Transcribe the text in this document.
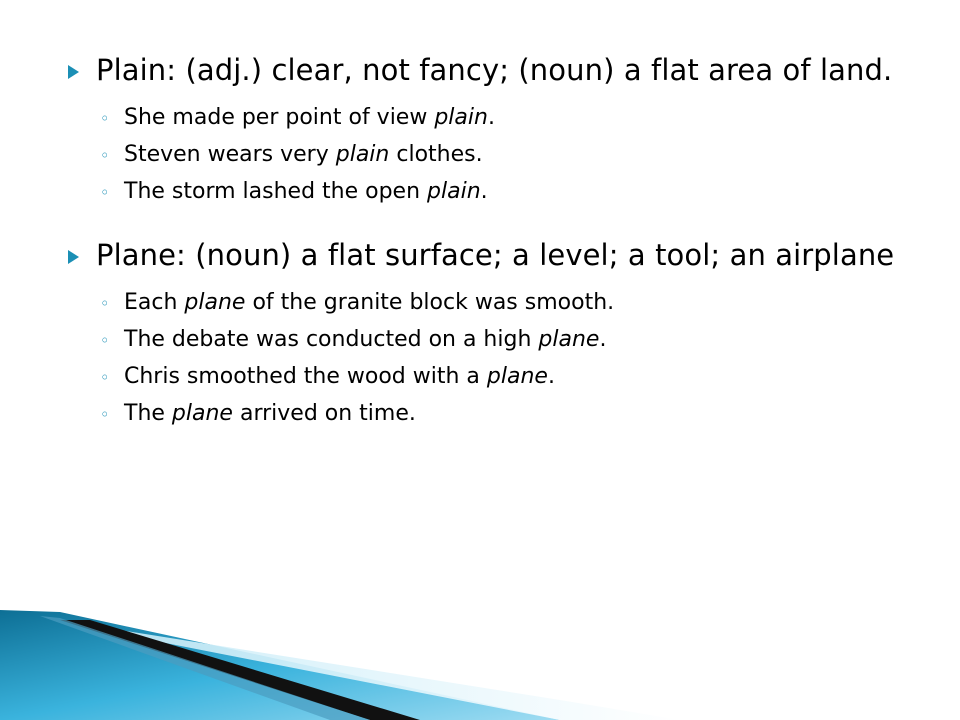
Plain: (adj.) clear, not fancy; (noun) a flat area of land.
◦ She made per point of view plain.
◦ Steven wears very plain clothes.
◦ The storm lashed the open plain.
Plane: (noun) a flat surface; a level; a tool; an airplane
◦ Each plane of the granite block was smooth.
◦ The debate was conducted on a high plane.
◦ Chris smoothed the wood with a plane.
◦ The plane arrived on time.
